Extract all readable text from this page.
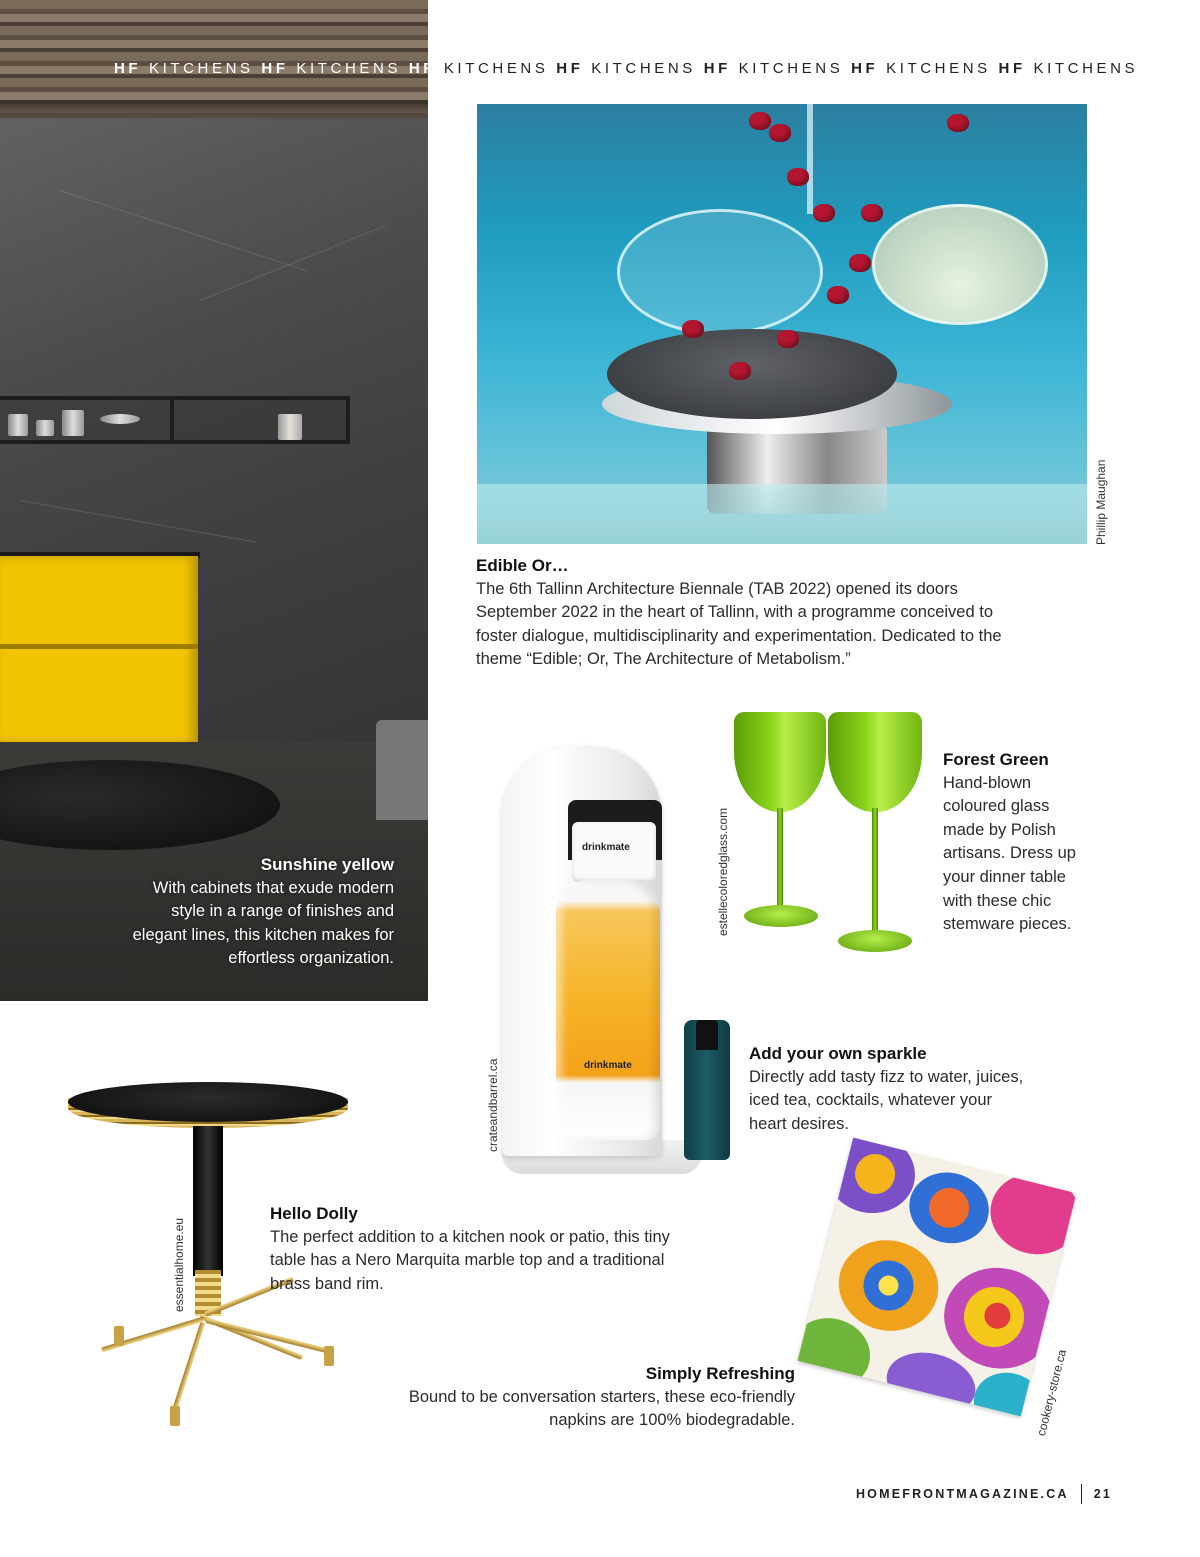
HF KITCHENS HF KITCHENS HF KITCHENS HF KITCHENS HF KITCHENS HF KITCHENS HF KITCHENS
Phillip Maughan
Edible Or…
The 6th Tallinn Architecture Biennale (TAB 2022) opened its doors
September 2022 in the heart of Tallinn, with a programme conceived to
foster dialogue, multidisciplinarity and experimentation. Dedicated to the
theme “Edible; Or, The Architecture of Metabolism.”
Sunshine yellow
With cabinets that exude modern
style in a range of finishes and
elegant lines, this kitchen makes for
effortless organization.
drinkmate
drinkmate
crateandbarrel.ca
estellecoloredglass.com
Forest Green
Hand-blown
coloured glass
made by Polish
artisans. Dress up
your dinner table
with these chic
stemware pieces.
Add your own sparkle
Directly add tasty fizz to water, juices,
iced tea, cocktails, whatever your
heart desires.
essentialhome.eu
Hello Dolly
The perfect addition to a kitchen nook or patio, this tiny
table has a Nero Marquita marble top and a traditional
brass band rim.
cookery-store.ca
Simply Refreshing
Bound to be conversation starters, these eco-friendly
napkins are 100% biodegradable.
HOMEFRONTMAGAZINE.CA 21
